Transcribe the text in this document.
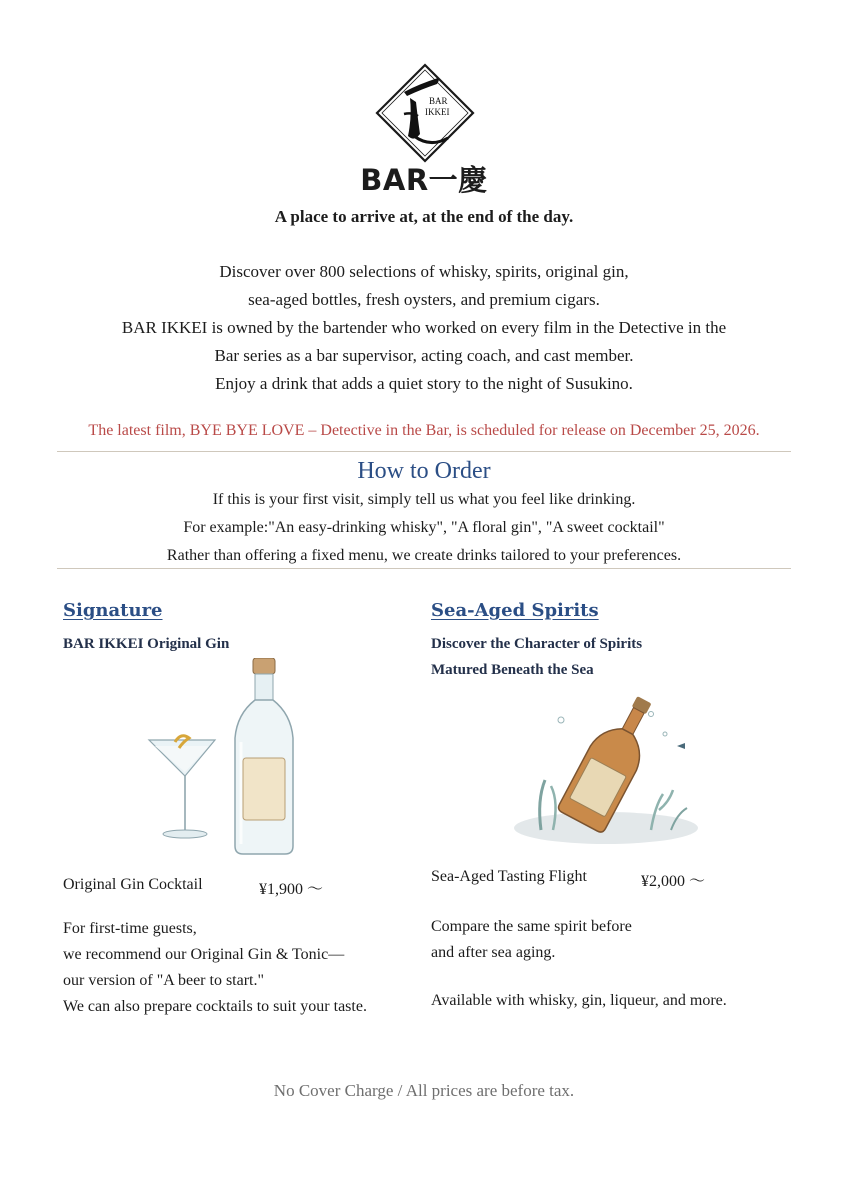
BAR
IKKEI
BAR一慶
A place to arrive at, at the end of the day.
Discover over 800 selections of whisky, spirits, original gin,
sea-aged bottles, fresh oysters, and premium cigars.
BAR IKKEI is owned by the bartender who worked on every film in the Detective in the
Bar series as a bar supervisor, acting coach, and cast member.
Enjoy a drink that adds a quiet story to the night of Susukino.
The latest film, BYE BYE LOVE – Detective in the Bar, is scheduled for release on December 25, 2026.
How to Order
If this is your first visit, simply tell us what you feel like drinking.
For example:"An easy-drinking whisky", "A floral gin", "A sweet cocktail"
Rather than offering a fixed menu, we create drinks tailored to your preferences.
Signature
BAR IKKEI Original Gin
Original Gin Cocktail	¥1,900 ～
For first-time guests,
we recommend our Original Gin & Tonic—
our version of "A beer to start."
We can also prepare cocktails to suit your taste.
Sea-Aged Spirits
Discover the Character of Spirits
Matured Beneath the Sea
Sea-Aged Tasting Flight	¥2,000 ～
Compare the same spirit before
and after sea aging.
Available with whisky, gin, liqueur, and more.
No Cover Charge / All prices are before tax.
